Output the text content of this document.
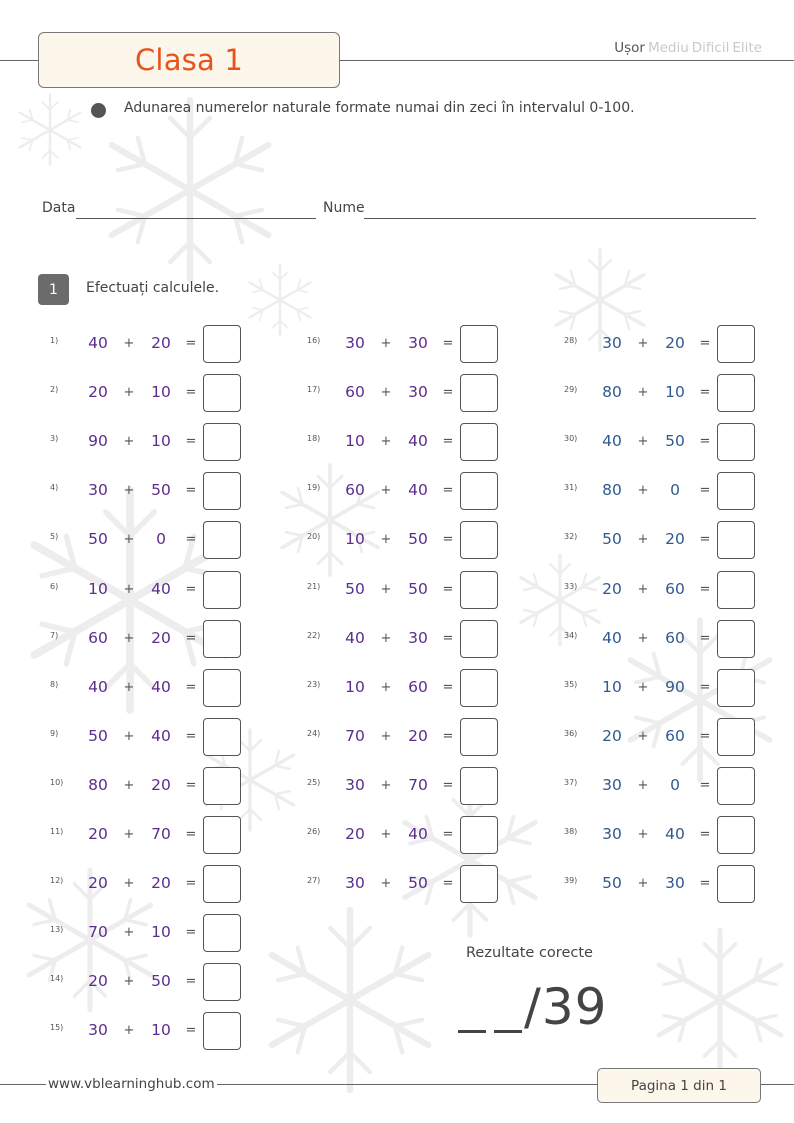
Clasa 1	Ușor Mediu Dificil Elite
Adunarea numerelor naturale formate numai din zeci în intervalul 0-100.
Data	Nume
1	Efectuați calculele.
1)	40	+	20	=
2)	20	+	10	=
3)	90	+	10	=
4)	30	+	50	=
5)	50	+	0	=
6)	10	+	40	=
7)	60	+	20	=
8)	40	+	40	=
9)	50	+	40	=
10)	80	+	20	=
11)	20	+	70	=
12)	20	+	20	=
13)	70	+	10	=
14)	20	+	50	=
15)	30	+	10	=
16)	30	+	30	=
17)	60	+	30	=
18)	10	+	40	=
19)	60	+	40	=
20)	10	+	50	=
21)	50	+	50	=
22)	40	+	30	=
23)	10	+	60	=
24)	70	+	20	=
25)	30	+	70	=
26)	20	+	40	=
27)	30	+	50	=
28)	30	+	20	=
29)	80	+	10	=
30)	40	+	50	=
31)	80	+	0	=
32)	50	+	20	=
33)	20	+	60	=
34)	40	+	60	=
35)	10	+	90	=
36)	20	+	60	=
37)	30	+	0	=
38)	30	+	40	=
39)	50	+	30	=
Rezultate corecte
/39
www.vblearninghub.com	Pagina 1 din 1
